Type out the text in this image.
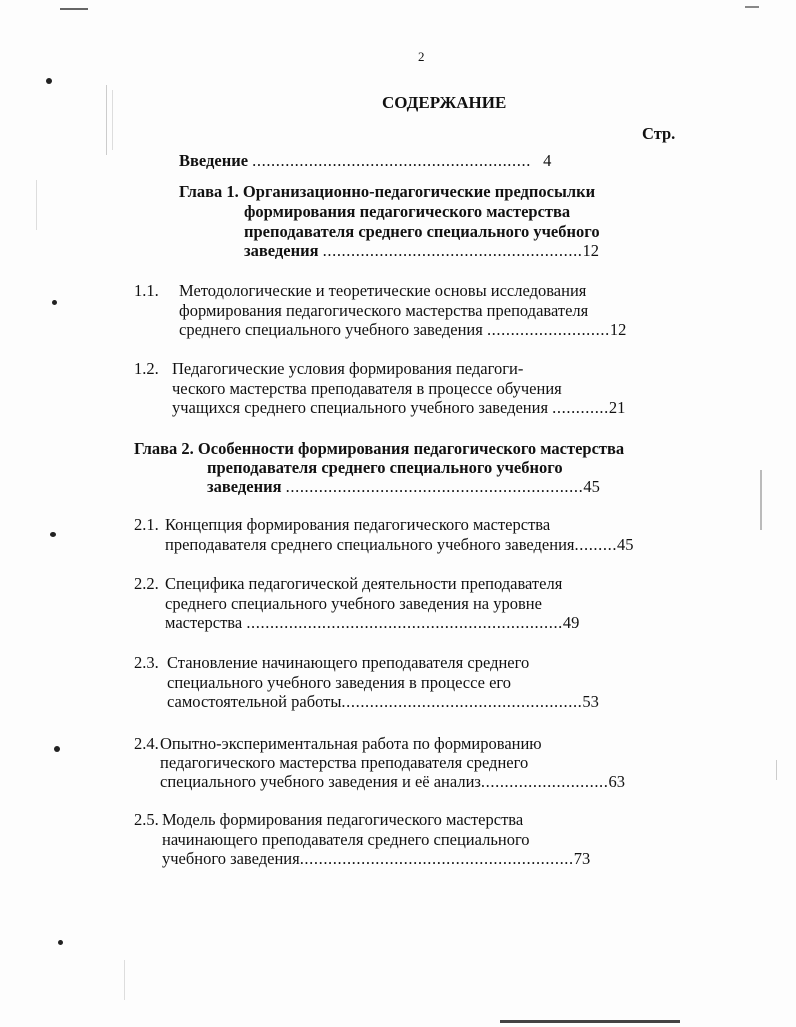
2
СОДЕРЖАНИЕ
Стр.
Введение ........................................................... 4
Глава 1. Организационно-педагогические предпосылки
формирования педагогического мастерства
преподавателя среднего специального учебного
заведения .......................................................12
1.1. Методологические и теоретические основы исследования
формирования педагогического мастерства преподавателя
среднего специального учебного заведения ..........................12
1.2. Педагогические условия формирования педагоги-
ческого мастерства преподавателя в процессе обучения
учащихся среднего специального учебного заведения ............21
Глава 2. Особенности формирования педагогического мастерства
преподавателя среднего специального учебного
заведения ...............................................................45
2.1. Концепция формирования педагогического мастерства
преподавателя среднего специального учебного заведения.........45
2.2. Специфика педагогической деятельности преподавателя
среднего специального учебного заведения на уровне
мастерства ...................................................................49
2.3. Становление начинающего преподавателя среднего
специального учебного заведения в процессе его
самостоятельной работы...................................................53
2.4. Опытно-экспериментальная работа по формированию
педагогического мастерства преподавателя среднего
специального учебного заведения и её анализ...........................63
2.5. Модель формирования педагогического мастерства
начинающего преподавателя среднего специального
учебного заведения..........................................................73
